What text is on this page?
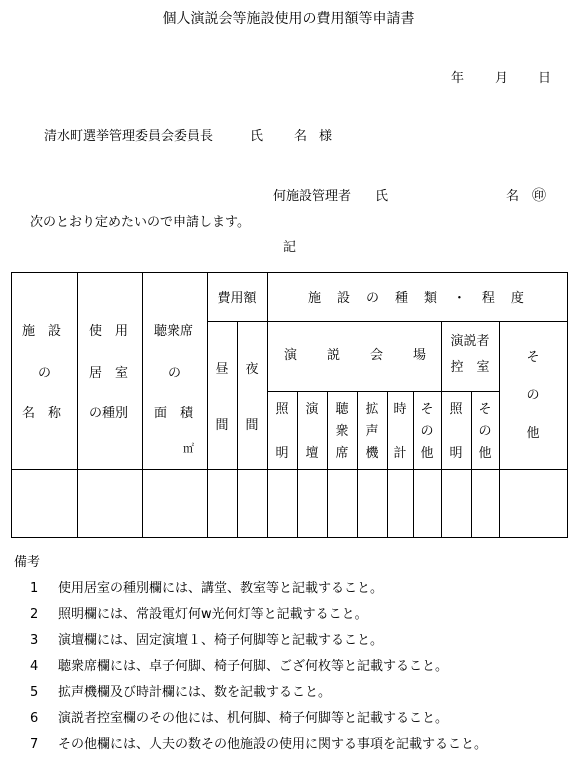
個人演説会等施設使用の費用額等申請書
年 月 日
清水町選挙管理委員会委員長	氏 名 様
何施設管理者 氏	名 ㊞
次のとおり定めたいので申請します。
記
施　 設
の
名　 称
使　 用
居　 室
の種別
聴衆席
の
面　 積
㎡
費用額
昼
間
夜
間
施 設 の 種 類 ・ 程 度
演 説 会 場
演説者
控　 室
そ
の
他
照
明
演
壇
聴
衆
席
拡
声
機
時
計
そ
の
他
照
明
そ
の
他
備考
1 使用居室の種別欄には、講堂、教室等と記載すること。
2 照明欄には、常設電灯何w光何灯等と記載すること。
3 演壇欄には、固定演壇１、椅子何脚等と記載すること。
4 聴衆席欄には、卓子何脚、椅子何脚、ござ何枚等と記載すること。
5 拡声機欄及び時計欄には、数を記載すること。
6 演説者控室欄のその他には、机何脚、椅子何脚等と記載すること。
7 その他欄には、人夫の数その他施設の使用に関する事項を記載すること。
